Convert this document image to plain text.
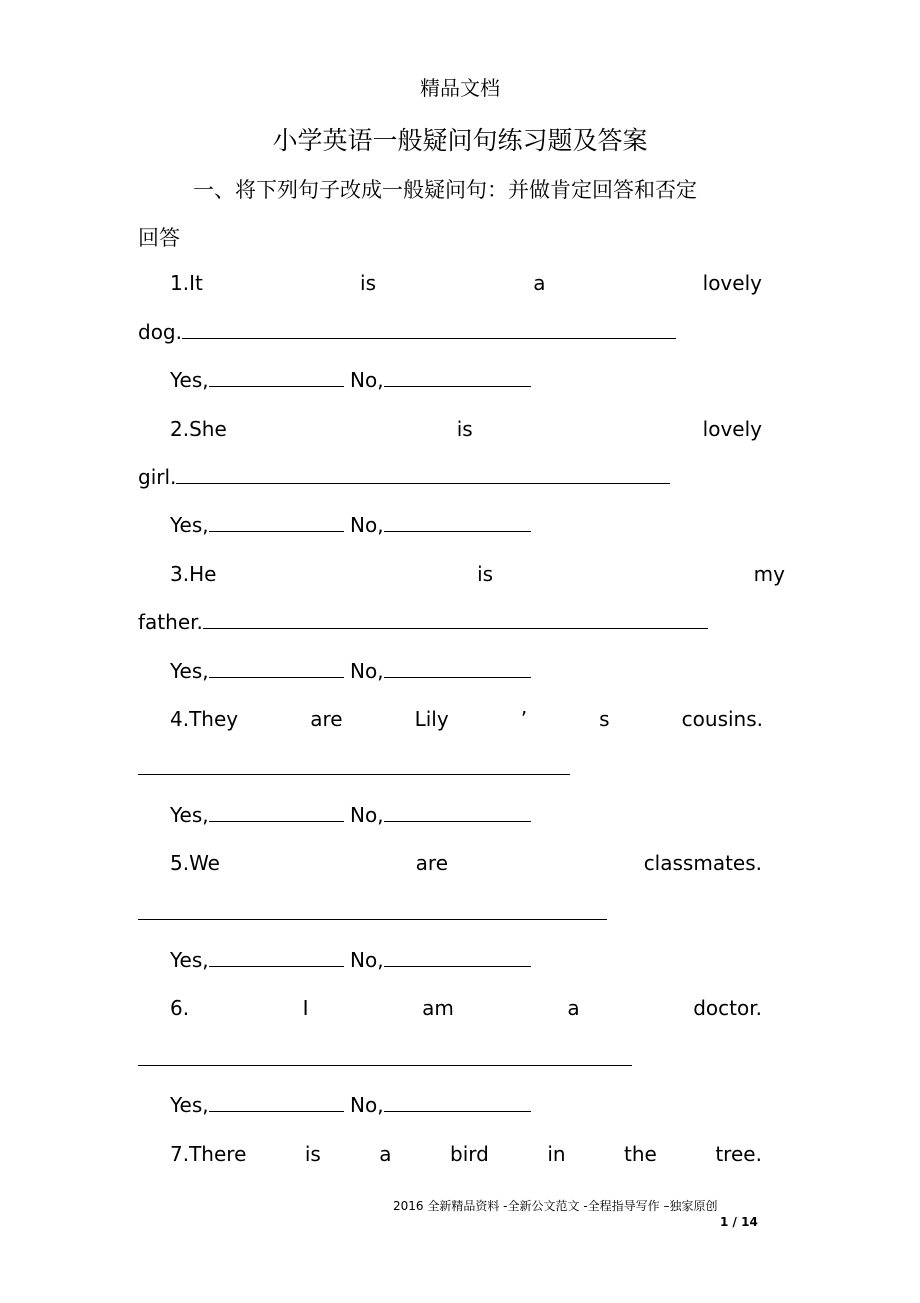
精品文档
小学英语一般疑问句练习题及答案
一、将下列句子改成一般疑问句：并做肯定回答和否定
回答
1.It	is	a	lovely
dog.
Yes,	No,
2.She	is	lovely
girl.
Yes,	No,
3.He	is	my
father.
Yes,	No,
4.They	are	Lily	’	s	cousins.
Yes,	No,
5.We	are	classmates.
Yes,	No,
6.	I	am	a	doctor.
Yes,	No,
7.There	is	a	bird	in	the	tree.
2016 全新精品资料 -全新公文范文 -全程指导写作 –独家原创
1 / 14
